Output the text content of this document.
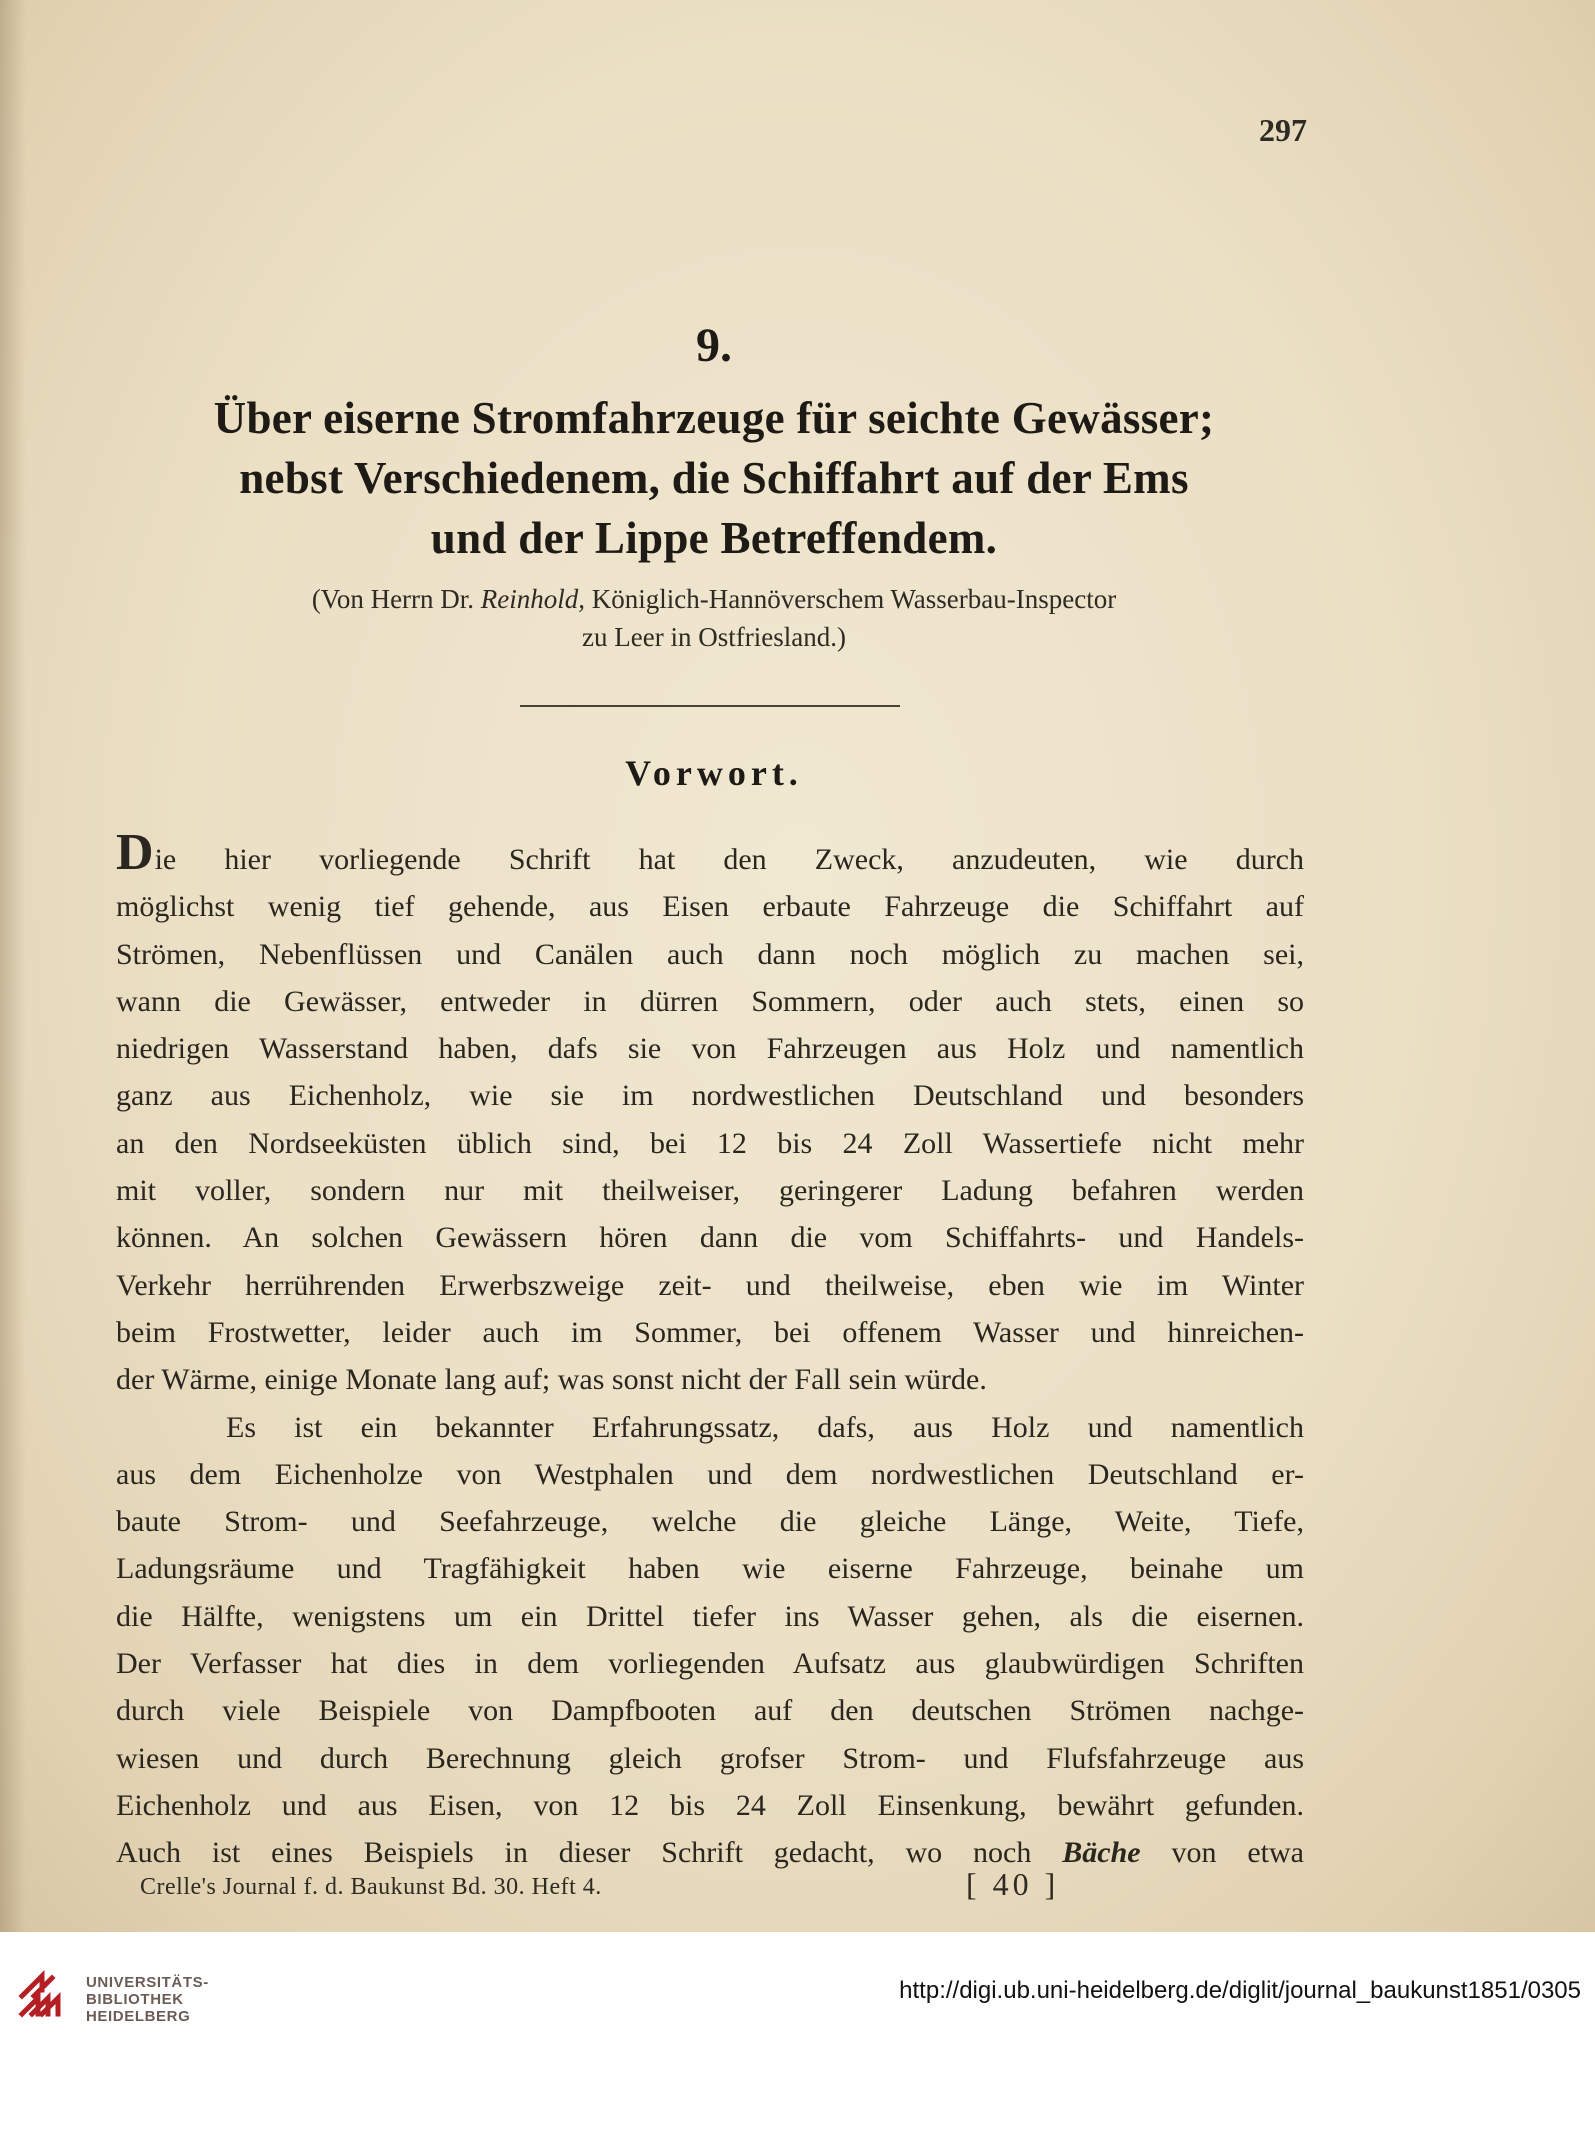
297
9.
Über eiserne Stromfahrzeuge für seichte Gewässer;
nebst Verschiedenem, die Schiffahrt auf der Ems
und der Lippe Betreffendem.
(Von Herrn Dr. Reinhold, Königlich-Hannöverschem Wasserbau-Inspector
zu Leer in Ostfriesland.)
Vorwort.
Die hier vorliegende Schrift hat den Zweck, anzudeuten, wie durch
möglichst wenig tief gehende, aus Eisen erbaute Fahrzeuge die Schiffahrt auf
Strömen, Nebenflüssen und Canälen auch dann noch möglich zu machen sei,
wann die Gewässer, entweder in dürren Sommern, oder auch stets, einen so
niedrigen Wasserstand haben, dafs sie von Fahrzeugen aus Holz und namentlich
ganz aus Eichenholz, wie sie im nordwestlichen Deutschland und besonders
an den Nordseeküsten üblich sind, bei 12 bis 24 Zoll Wassertiefe nicht mehr
mit voller, sondern nur mit theilweiser, geringerer Ladung befahren werden
können. An solchen Gewässern hören dann die vom Schiffahrts- und Handels-
Verkehr herrührenden Erwerbszweige zeit- und theilweise, eben wie im Winter
beim Frostwetter, leider auch im Sommer, bei offenem Wasser und hinreichen-
der Wärme, einige Monate lang auf; was sonst nicht der Fall sein würde.
Es ist ein bekannter Erfahrungssatz, dafs, aus Holz und namentlich
aus dem Eichenholze von Westphalen und dem nordwestlichen Deutschland er-
baute Strom- und Seefahrzeuge, welche die gleiche Länge, Weite, Tiefe,
Ladungsräume und Tragfähigkeit haben wie eiserne Fahrzeuge, beinahe um
die Hälfte, wenigstens um ein Drittel tiefer ins Wasser gehen, als die eisernen.
Der Verfasser hat dies in dem vorliegenden Aufsatz aus glaubwürdigen Schriften
durch viele Beispiele von Dampfbooten auf den deutschen Strömen nachge-
wiesen und durch Berechnung gleich grofser Strom- und Flufsfahrzeuge aus
Eichenholz und aus Eisen, von 12 bis 24 Zoll Einsenkung, bewährt gefunden.
Auch ist eines Beispiels in dieser Schrift gedacht, wo noch Bäche von etwa
Crelle's Journal f. d. Baukunst Bd. 30. Heft 4.	[ 40 ]
UNIVERSITÄTS-
BIBLIOTHEK
HEIDELBERG
http://digi.ub.uni-heidelberg.de/diglit/journal_baukunst1851/0305
